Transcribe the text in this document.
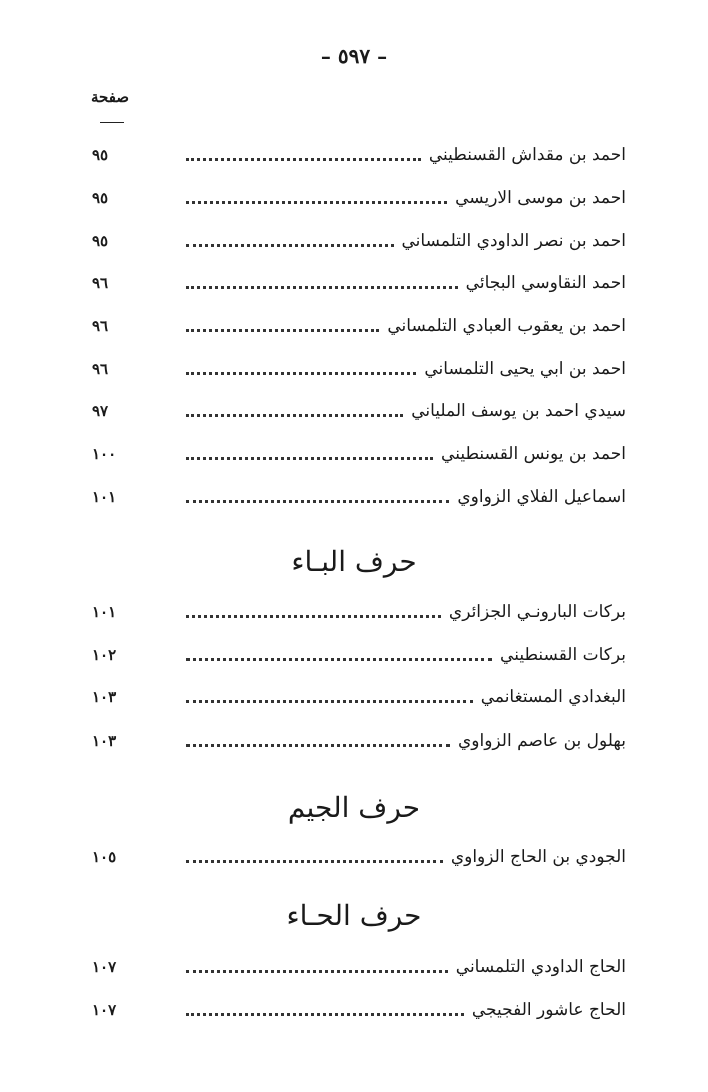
– ٥٩٧ –
صفحة
احمد بن مقداش القسنطيني
٩٥
احمد بن موسى الاريسي
٩٥
احمد بن نصر الداودي التلمساني
٩٥
احمد النقاوسي البجائي
٩٦
احمد بن يعقوب العبادي التلمساني
٩٦
احمد بن ابي يحيى التلمساني
٩٦
سيدي احمد بن يوسف الملياني
٩٧
احمد بن يونس القسنطيني
١٠٠
اسماعيل الفلاي الزواوي
١٠١
حرف البـاء
بركات البارونـي الجزائري
١٠١
بركات القسنطيني
١٠٢
البغدادي المستغانمي
١٠٣
بهلول بن عاصم الزواوي
١٠٣
حرف الجيم
الجودي بن الحاج الزواوي
١٠٥
حرف الحـاء
الحاج الداودي التلمساني
١٠٧
الحاج عاشور الفجيجي
١٠٧
